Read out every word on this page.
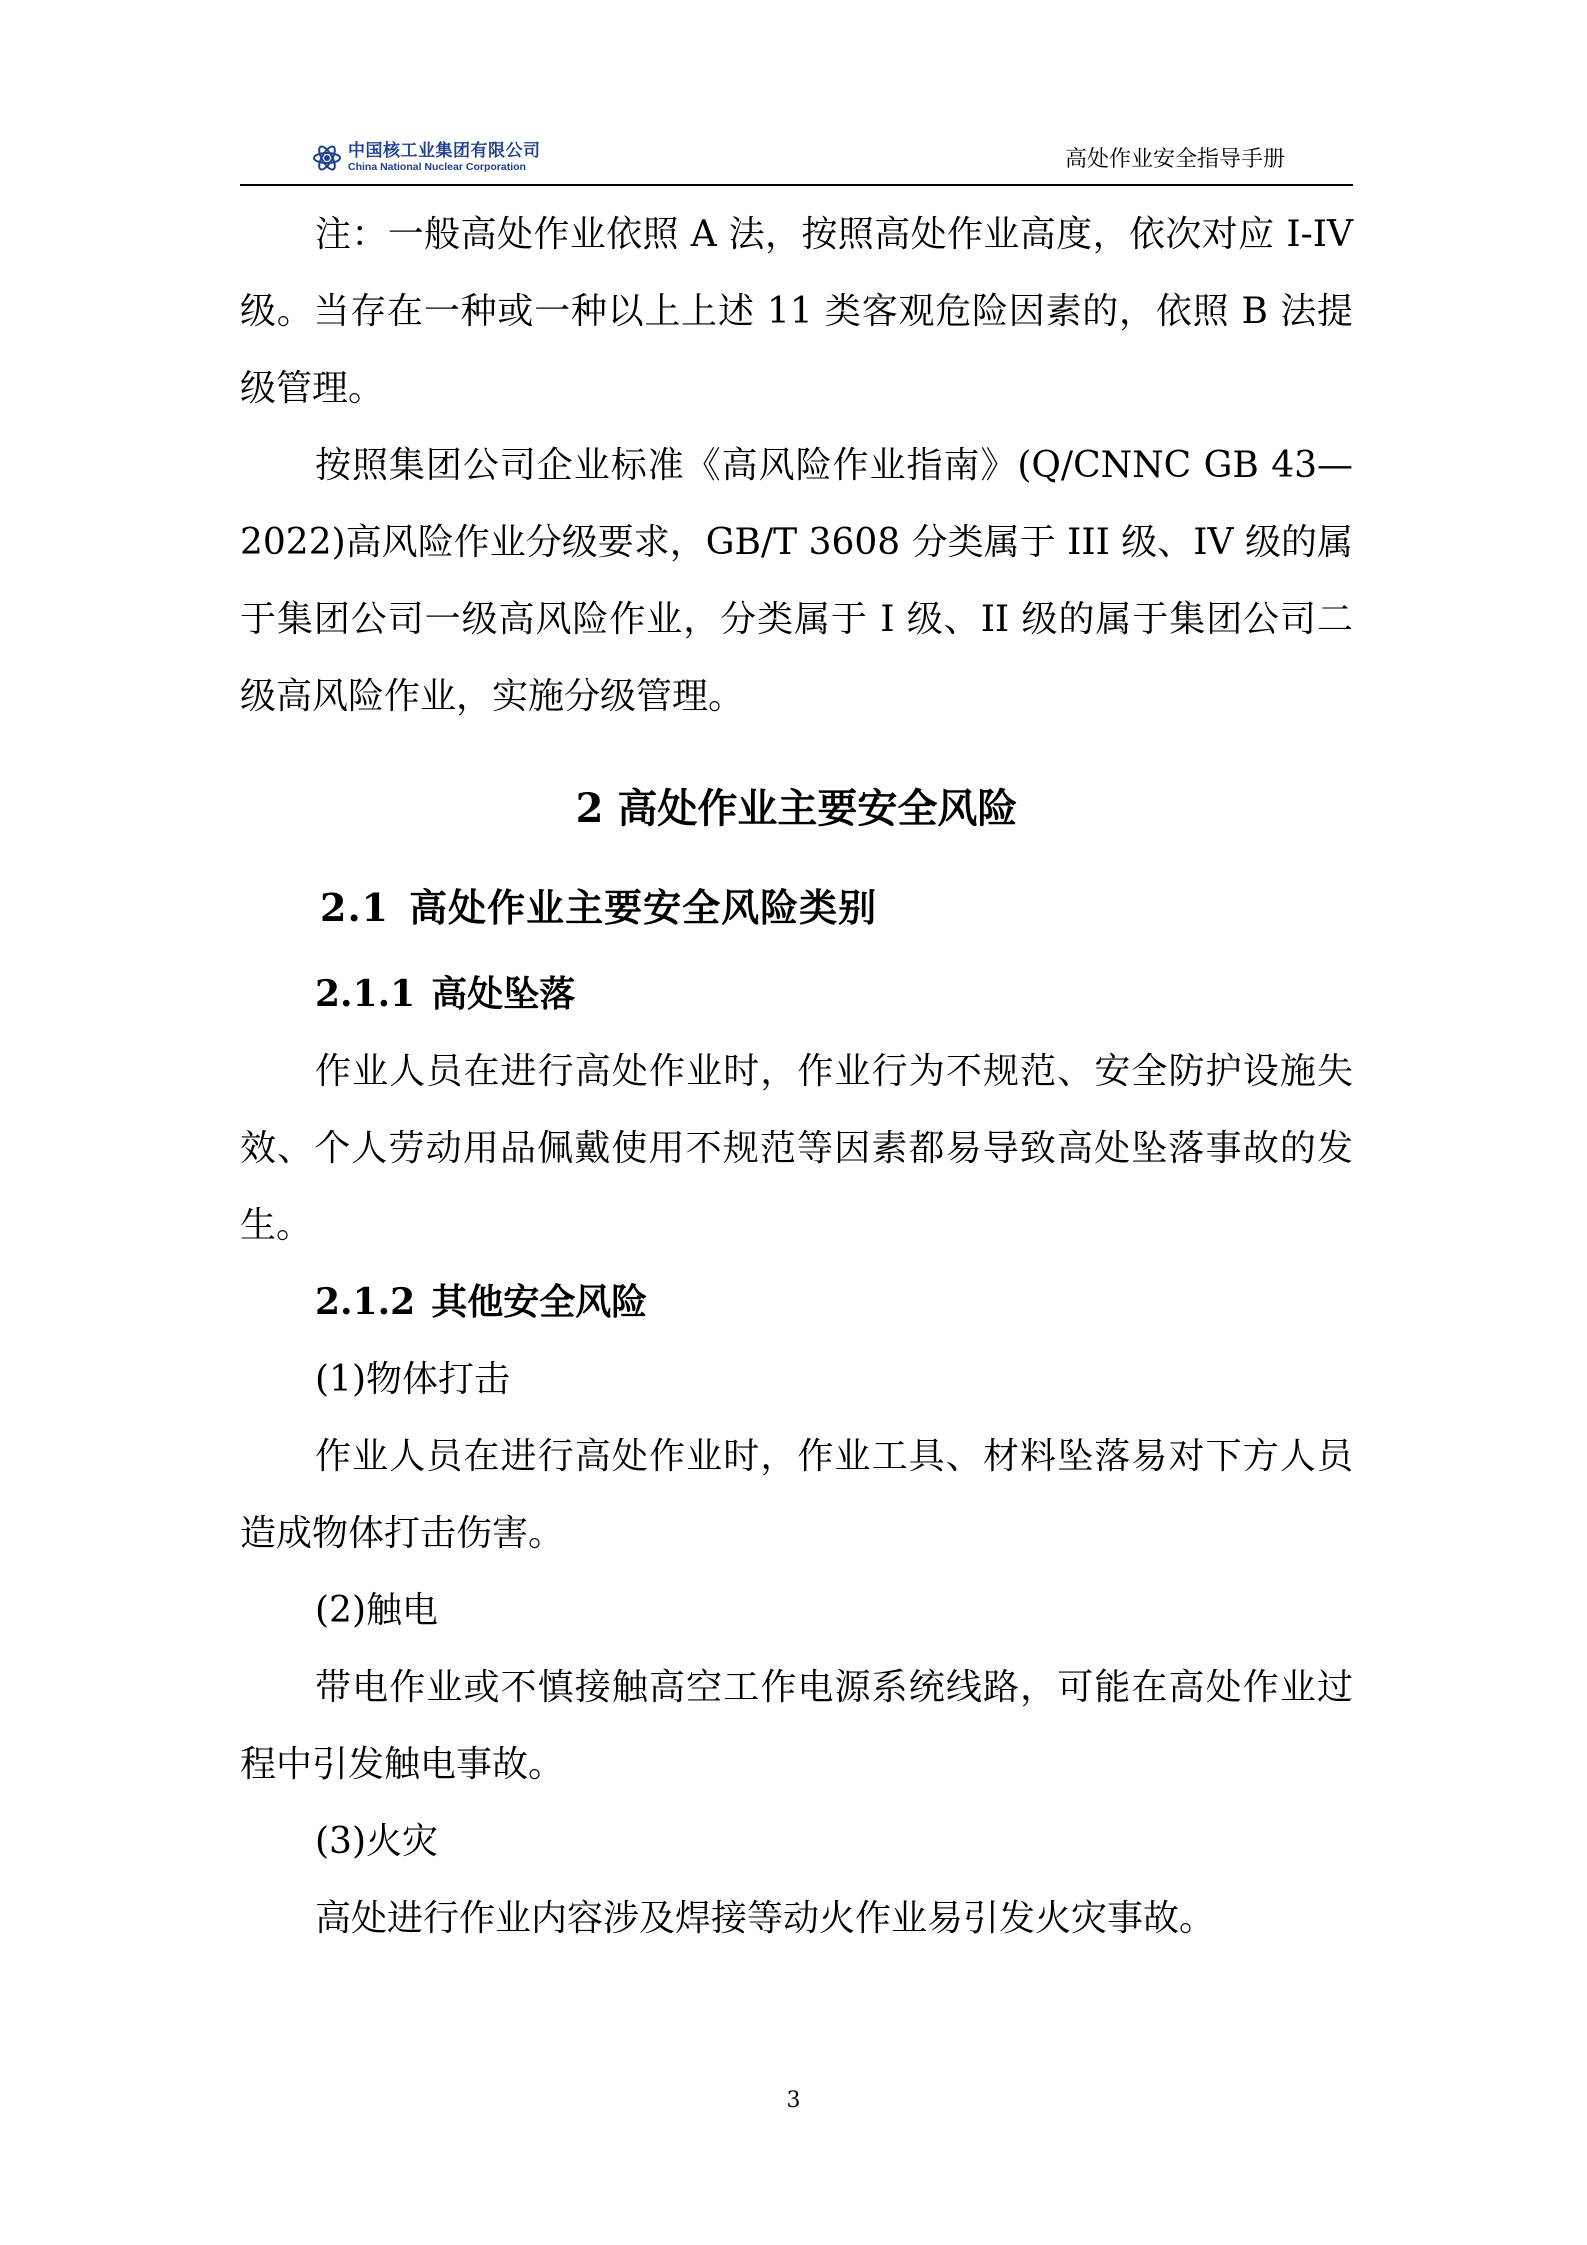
中国核工业集团有限公司
China National Nuclear Corporation	高处作业安全指导手册

注：一般高处作业依照 A 法，按照高处作业高度，依次对应 I-IV 级。当存在一种或一种以上上述 11 类客观危险因素的，依照 B 法提级管理。

按照集团公司企业标准《高风险作业指南》(Q/CNNC GB 43—2022)高风险作业分级要求，GB/T 3608 分类属于 III 级、IV 级的属于集团公司一级高风险作业，分类属于 I 级、II 级的属于集团公司二级高风险作业，实施分级管理。

2 高处作业主要安全风险
2.1 高处作业主要安全风险类别
2.1.1 高处坠落

作业人员在进行高处作业时，作业行为不规范、安全防护设施失效、个人劳动用品佩戴使用不规范等因素都易导致高处坠落事故的发生。

2.1.2 其他安全风险

(1)物体打击

作业人员在进行高处作业时，作业工具、材料坠落易对下方人员造成物体打击伤害。

(2)触电

带电作业或不慎接触高空工作电源系统线路，可能在高处作业过程中引发触电事故。

(3)火灾

高处进行作业内容涉及焊接等动火作业易引发火灾事故。

3
